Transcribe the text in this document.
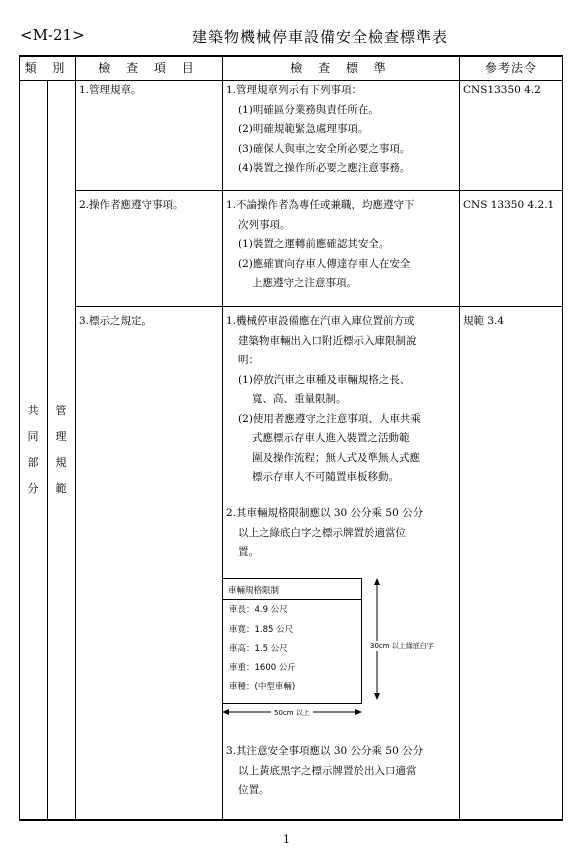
<M-21>	建築物機械停車設備安全檢查標準表
類 別	檢 查 項 目	檢 查 標 準	參考法令
共
同
部
分
管
理
規
範
1.管理規章。	1.管理規章列示有下列事項：
(1)明確區分業務與責任所在。
(2)明確規範緊急處理事項。
(3)確保人與車之安全所必要之事項。
(4)裝置之操作所必要之應注意事務。
CNS13350 4.2
2.操作者應遵守事項。	1.不論操作者為專任或兼職，均應遵守下
次列事項。
(1)裝置之運轉前應確認其安全。
(2)應確實向存車人傳達存車人在安全
上應遵守之注意事項。
CNS 13350 4.2.1
3.標示之規定。	1.機械停車設備應在汽車入庫位置前方或
建築物車輛出入口附近標示入庫限制說
明：
(1)停放汽車之車種及車輛規格之長、
寬、高、重量限制。
(2)使用者應遵守之注意事項、人車共乘
式應標示存車人進入裝置之活動範
圍及操作流程；無人式及準無人式應
標示存車人不可隨置車板移動。
2.其車輛規格限制應以 30 公分乘 50 公分
以上之綠底白字之標示牌置於適當位
置。
規範 3.4
車輛規格限制
車長：4.9 公尺
車寬：1.85 公尺
車高：1.5 公尺
車重：1600 公斤
車種：(中型車輛)
30cm 以上綠底白字
50cm 以上
3.其注意安全事項應以 30 公分乘 50 公分
以上黃底黑字之標示牌置於出入口適當
位置。
1
